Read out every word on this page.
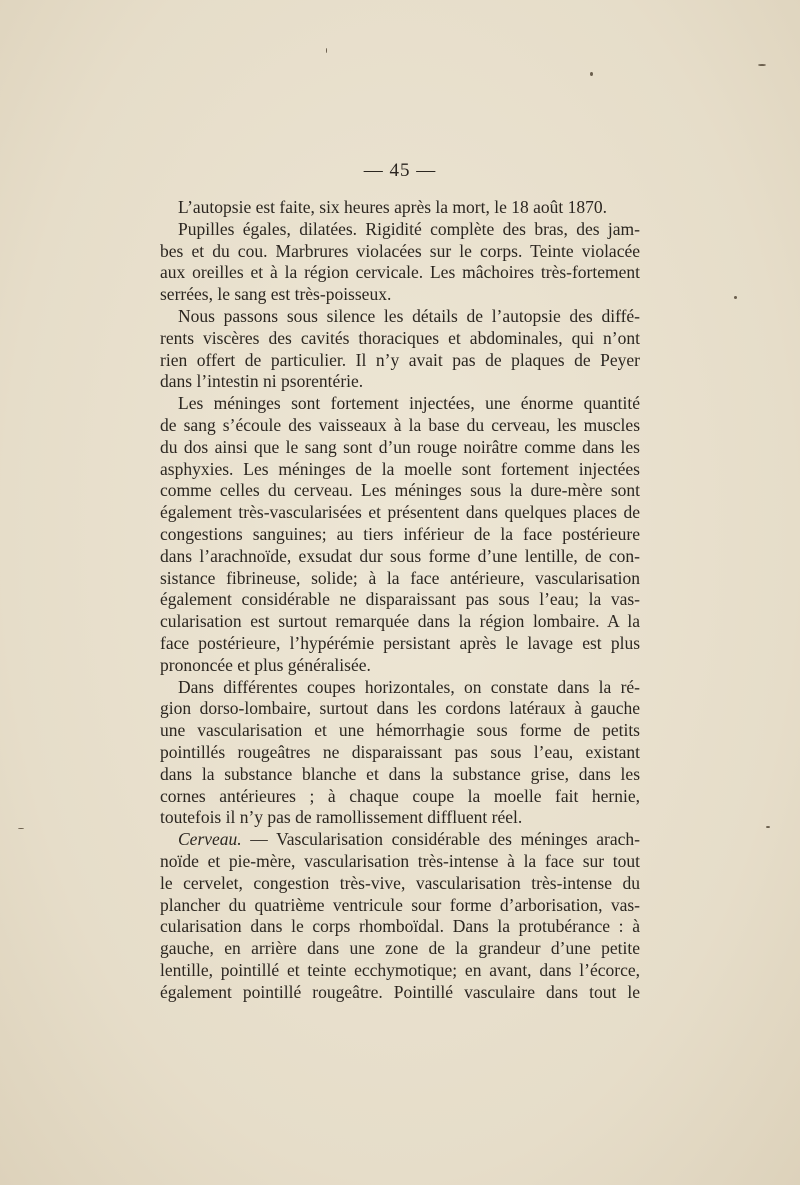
— 45 —
L’autopsie est faite, six heures après la mort, le 18 août 1870.
Pupilles égales, dilatées. Rigidité complète des bras, des jam-
bes et du cou. Marbrures violacées sur le corps. Teinte violacée
aux oreilles et à la région cervicale. Les mâchoires très-fortement
serrées, le sang est très-poisseux.
Nous passons sous silence les détails de l’autopsie des diffé-
rents viscères des cavités thoraciques et abdominales, qui n’ont
rien offert de particulier. Il n’y avait pas de plaques de Peyer
dans l’intestin ni psorentérie.
Les méninges sont fortement injectées, une énorme quantité
de sang s’écoule des vaisseaux à la base du cerveau, les muscles
du dos ainsi que le sang sont d’un rouge noirâtre comme dans les
asphyxies. Les méninges de la moelle sont fortement injectées
comme celles du cerveau. Les méninges sous la dure-mère sont
également très-vascularisées et présentent dans quelques places de
congestions sanguines; au tiers inférieur de la face postérieure
dans l’arachnoïde, exsudat dur sous forme d’une lentille, de con-
sistance fibrineuse, solide; à la face antérieure, vascularisation
également considérable ne disparaissant pas sous l’eau; la vas-
cularisation est surtout remarquée dans la région lombaire. A la
face postérieure, l’hypérémie persistant après le lavage est plus
prononcée et plus généralisée.
Dans différentes coupes horizontales, on constate dans la ré-
gion dorso-lombaire, surtout dans les cordons latéraux à gauche
une vascularisation et une hémorrhagie sous forme de petits
pointillés rougeâtres ne disparaissant pas sous l’eau, existant
dans la substance blanche et dans la substance grise, dans les
cornes antérieures ; à chaque coupe la moelle fait hernie,
toutefois il n’y pas de ramollissement diffluent réel.
Cerveau. — Vascularisation considérable des méninges arach-
noïde et pie-mère, vascularisation très-intense à la face sur tout
le cervelet, congestion très-vive, vascularisation très-intense du
plancher du quatrième ventricule sour forme d’arborisation, vas-
cularisation dans le corps rhomboïdal. Dans la protubérance : à
gauche, en arrière dans une zone de la grandeur d’une petite
lentille, pointillé et teinte ecchymotique; en avant, dans l’écorce,
également pointillé rougeâtre. Pointillé vasculaire dans tout le
